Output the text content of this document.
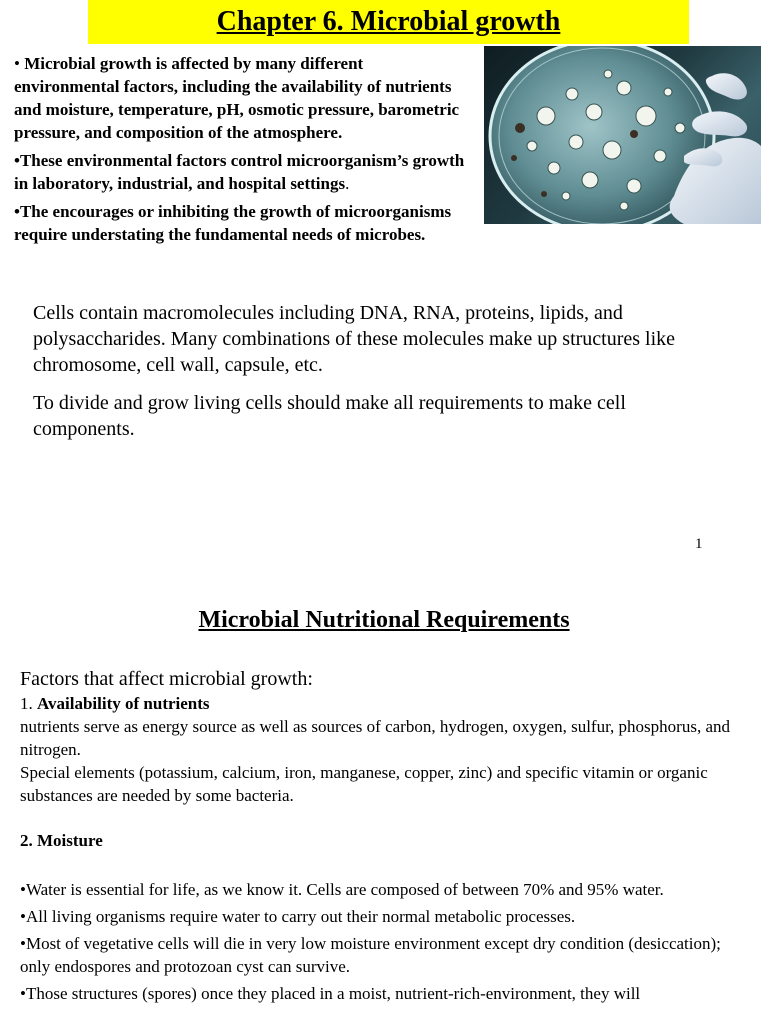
Chapter 6. Microbial growth

• Microbial growth is affected by many different environmental factors, including the availability of nutrients and moisture, temperature, pH, osmotic pressure, barometric pressure, and composition of the atmosphere.

•These environmental factors control microorganism’s growth in laboratory, industrial, and hospital settings.

•The encourages or inhibiting the growth of microorganisms require understating the fundamental needs of microbes.

Cells contain macromolecules including DNA, RNA, proteins, lipids, and polysaccharides. Many combinations of these molecules make up structures like chromosome, cell wall, capsule, etc.

To divide and grow living cells should make all requirements to make cell components.

1
Microbial Nutritional Requirements

Factors that affect microbial growth:

1. Availability of nutrients

nutrients serve as energy source as well as sources of carbon, hydrogen, oxygen, sulfur, phosphorus, and nitrogen.

Special elements (potassium, calcium, iron, manganese, copper, zinc) and specific vitamin or organic substances are needed by some bacteria.

2. Moisture

•Water is essential for life, as we know it. Cells are composed of between 70% and 95% water.

•All living organisms require water to carry out their normal metabolic processes.

•Most of vegetative cells will die in very low moisture environment except dry condition (desiccation); only endospores and protozoan cyst can survive.

•Those structures (spores) once they placed in a moist, nutrient-rich-environment, they will
